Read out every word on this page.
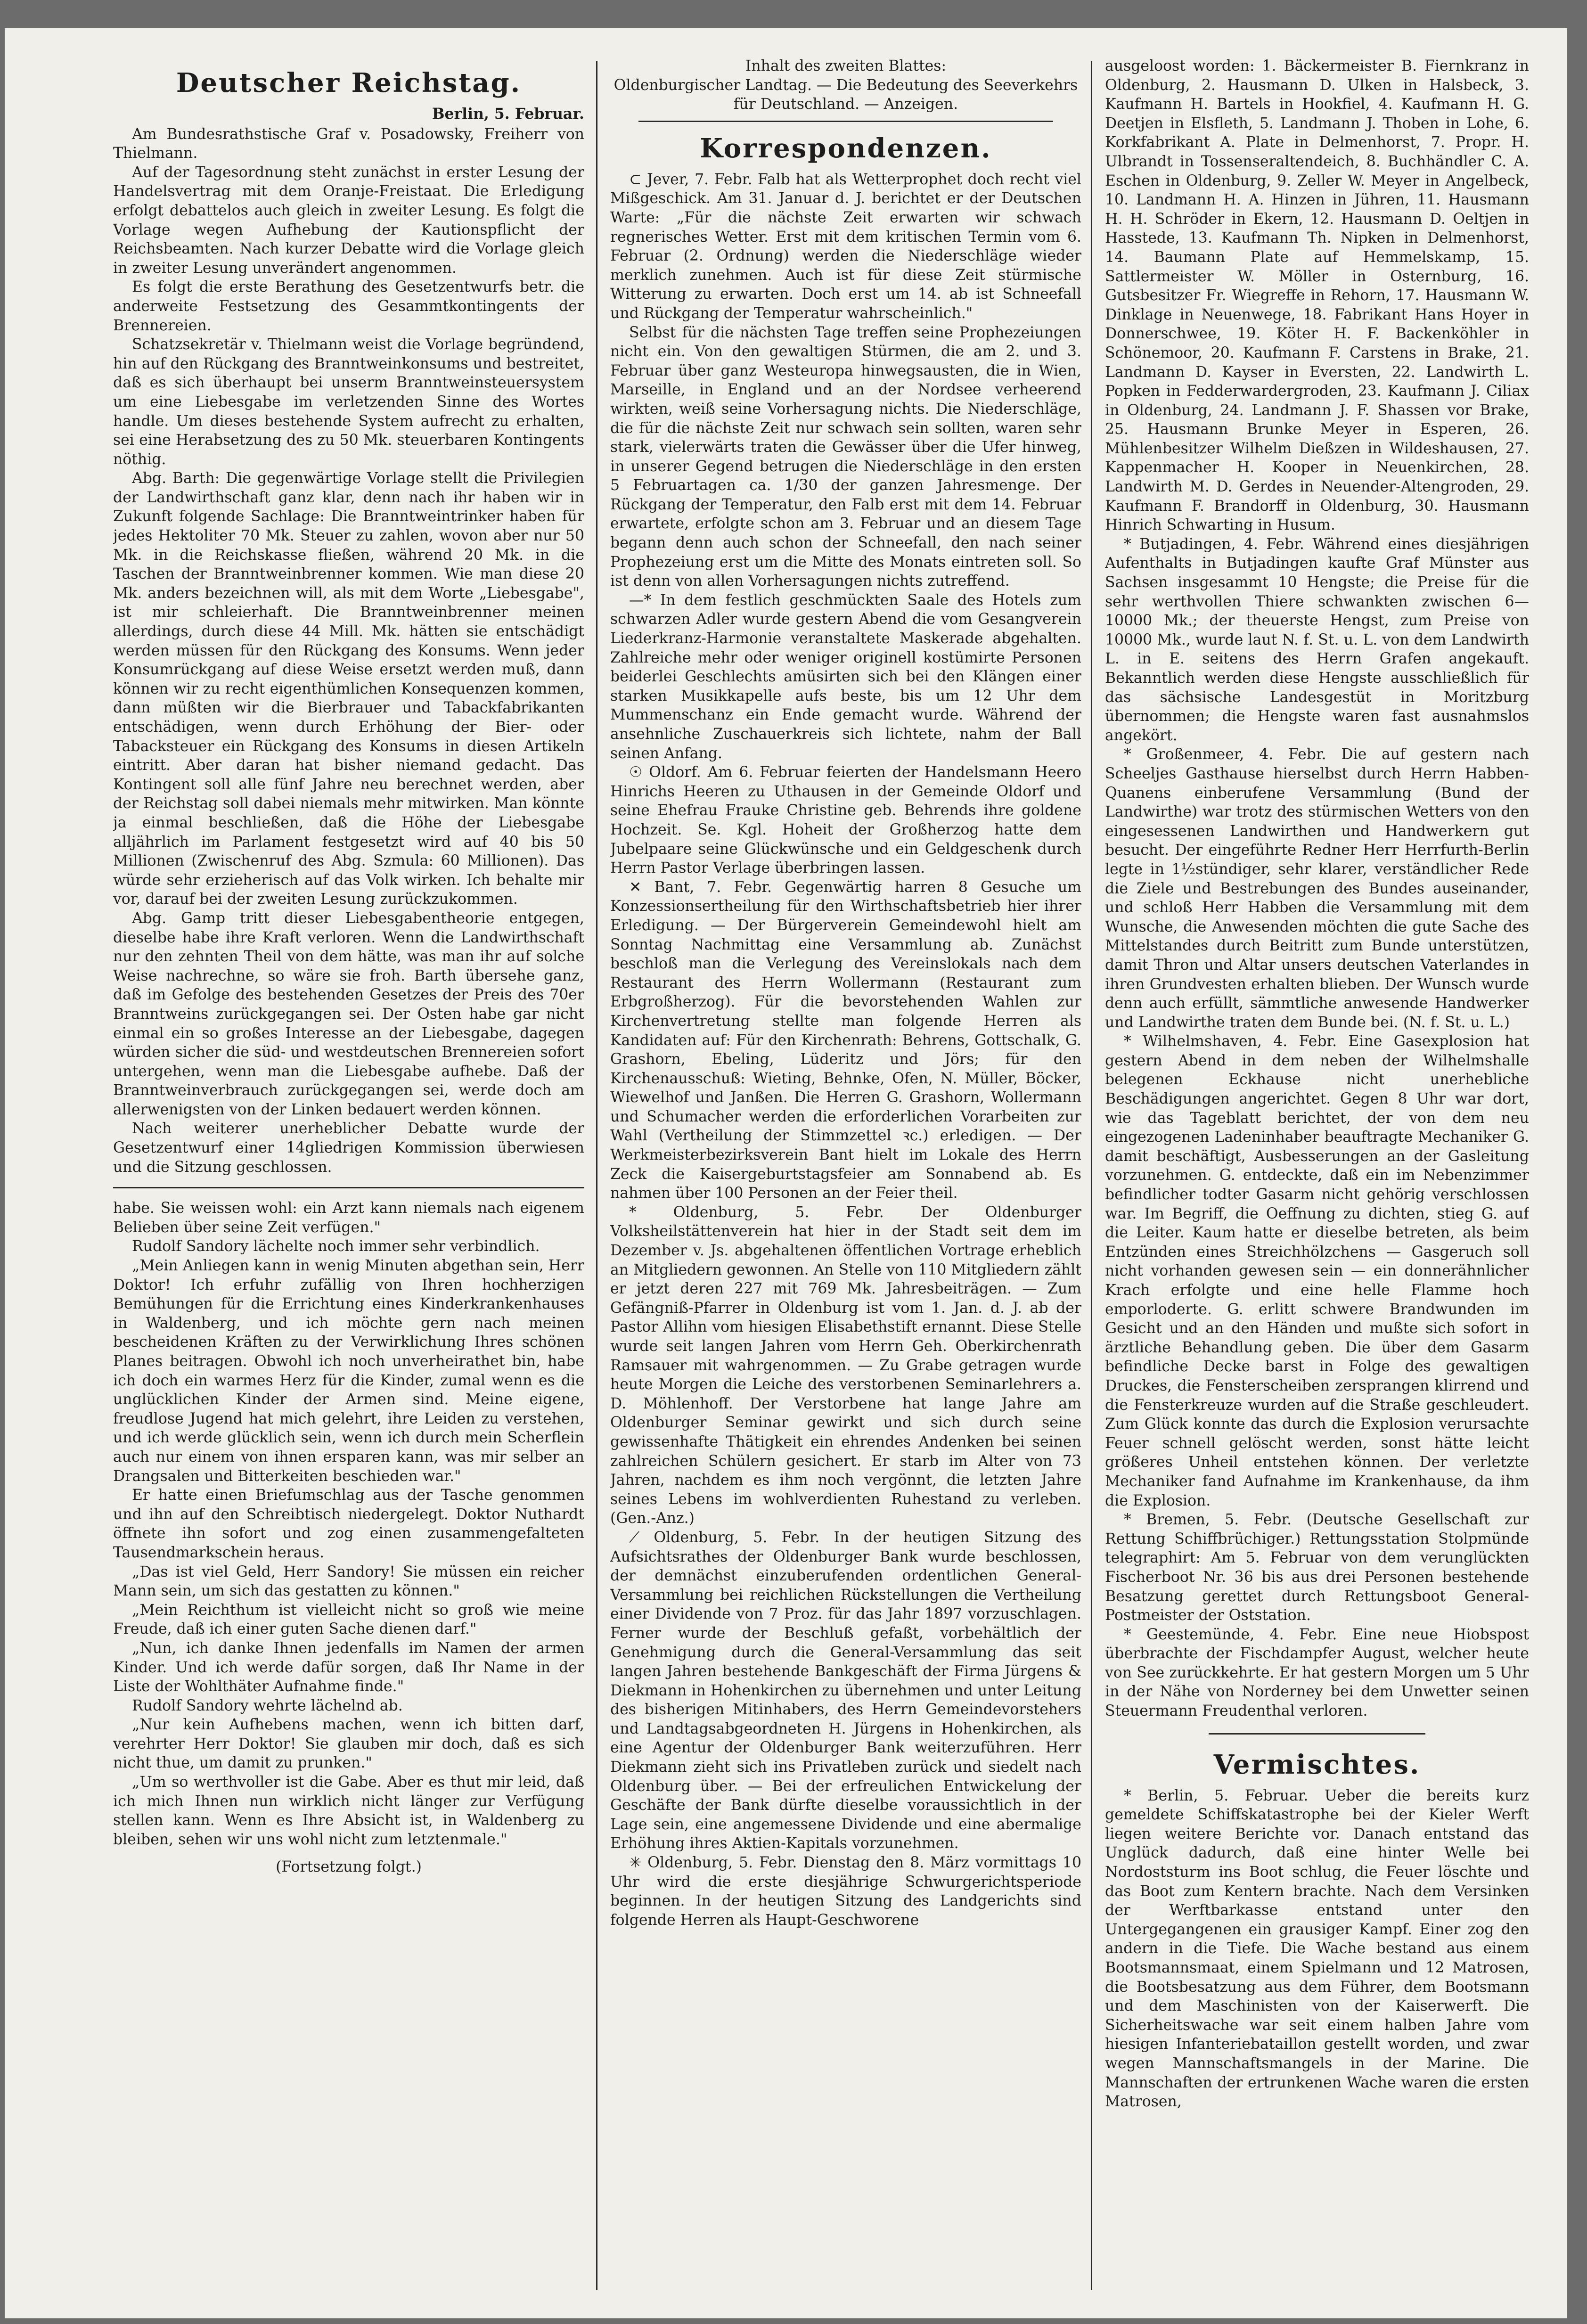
Deutscher Reichstag.
Berlin, 5. Februar.

Am Bundesrathstische Graf v. Posadowsky, Freiherr von Thielmann.

Auf der Tagesordnung steht zunächst in erster Lesung der Handelsvertrag mit dem Oranje-Freistaat. Die Erledigung erfolgt debattelos auch gleich in zweiter Lesung. Es folgt die Vorlage wegen Aufhebung der Kautionspflicht der Reichsbeamten. Nach kurzer Debatte wird die Vorlage gleich in zweiter Lesung unverändert angenommen.

Es folgt die erste Berathung des Gesetzentwurfs betr. die anderweite Festsetzung des Gesammtkontingents der Brennereien.

Schatzsekretär v. Thielmann weist die Vorlage begründend, hin auf den Rückgang des Branntweinkonsums und bestreitet, daß es sich überhaupt bei unserm Branntweinsteuersystem um eine Liebesgabe im verletzenden Sinne des Wortes handle. Um dieses bestehende System aufrecht zu erhalten, sei eine Herabsetzung des zu 50 Mk. steuerbaren Kontingents nöthig.

Abg. Barth: Die gegenwärtige Vorlage stellt die Privilegien der Landwirthschaft ganz klar, denn nach ihr haben wir in Zukunft folgende Sachlage: Die Branntweintrinker haben für jedes Hektoliter 70 Mk. Steuer zu zahlen, wovon aber nur 50 Mk. in die Reichskasse fließen, während 20 Mk. in die Taschen der Branntweinbrenner kommen. Wie man diese 20 Mk. anders bezeichnen will, als mit dem Worte „Liebesgabe", ist mir schleierhaft. Die Branntweinbrenner meinen allerdings, durch diese 44 Mill. Mk. hätten sie entschädigt werden müssen für den Rückgang des Konsums. Wenn jeder Konsumrückgang auf diese Weise ersetzt werden muß, dann können wir zu recht eigenthümlichen Konsequenzen kommen, dann müßten wir die Bierbrauer und Tabackfabrikanten entschädigen, wenn durch Erhöhung der Bier- oder Tabacksteuer ein Rückgang des Konsums in diesen Artikeln eintritt. Aber daran hat bisher niemand gedacht. Das Kontingent soll alle fünf Jahre neu berechnet werden, aber der Reichstag soll dabei niemals mehr mitwirken. Man könnte ja einmal beschließen, daß die Höhe der Liebesgabe alljährlich im Parlament festgesetzt wird auf 40 bis 50 Millionen (Zwischenruf des Abg. Szmula: 60 Millionen). Das würde sehr erzieherisch auf das Volk wirken. Ich behalte mir vor, darauf bei der zweiten Lesung zurückzukommen.

Abg. Gamp tritt dieser Liebesgabentheorie entgegen, dieselbe habe ihre Kraft verloren. Wenn die Landwirthschaft nur den zehnten Theil von dem hätte, was man ihr auf solche Weise nachrechne, so wäre sie froh. Barth übersehe ganz, daß im Gefolge des bestehenden Gesetzes der Preis des 70er Branntweins zurückgegangen sei. Der Osten habe gar nicht einmal ein so großes Interesse an der Liebesgabe, dagegen würden sicher die süd- und westdeutschen Brennereien sofort untergehen, wenn man die Liebesgabe aufhebe. Daß der Branntweinverbrauch zurückgegangen sei, werde doch am allerwenigsten von der Linken bedauert werden können.

Nach weiterer unerheblicher Debatte wurde der Gesetzentwurf einer 14gliedrigen Kommission überwiesen und die Sitzung geschlossen.

habe. Sie weissen wohl: ein Arzt kann niemals nach eigenem Belieben über seine Zeit verfügen."

Rudolf Sandory lächelte noch immer sehr verbindlich.

„Mein Anliegen kann in wenig Minuten abgethan sein, Herr Doktor! Ich erfuhr zufällig von Ihren hochherzigen Bemühungen für die Errichtung eines Kinderkrankenhauses in Waldenberg, und ich möchte gern nach meinen bescheidenen Kräften zu der Verwirklichung Ihres schönen Planes beitragen. Obwohl ich noch unverheirathet bin, habe ich doch ein warmes Herz für die Kinder, zumal wenn es die unglücklichen Kinder der Armen sind. Meine eigene, freudlose Jugend hat mich gelehrt, ihre Leiden zu verstehen, und ich werde glücklich sein, wenn ich durch mein Scherflein auch nur einem von ihnen ersparen kann, was mir selber an Drangsalen und Bitterkeiten beschieden war."

Er hatte einen Briefumschlag aus der Tasche genommen und ihn auf den Schreibtisch niedergelegt. Doktor Nuthardt öffnete ihn sofort und zog einen zusammengefalteten Tausendmarkschein heraus.

„Das ist viel Geld, Herr Sandory! Sie müssen ein reicher Mann sein, um sich das gestatten zu können."

„Mein Reichthum ist vielleicht nicht so groß wie meine Freude, daß ich einer guten Sache dienen darf."

„Nun, ich danke Ihnen jedenfalls im Namen der armen Kinder. Und ich werde dafür sorgen, daß Ihr Name in der Liste der Wohlthäter Aufnahme finde."

Rudolf Sandory wehrte lächelnd ab.

„Nur kein Aufhebens machen, wenn ich bitten darf, verehrter Herr Doktor! Sie glauben mir doch, daß es sich nicht thue, um damit zu prunken."

„Um so werthvoller ist die Gabe. Aber es thut mir leid, daß ich mich Ihnen nun wirklich nicht länger zur Verfügung stellen kann. Wenn es Ihre Absicht ist, in Waldenberg zu bleiben, sehen wir uns wohl nicht zum letztenmale."

(Fortsetzung folgt.)
Inhalt des zweiten Blattes:
Oldenburgischer Landtag. — Die Bedeutung des Seeverkehrs für Deutschland. — Anzeigen.
Korrespondenzen.

⊂ Jever, 7. Febr. Falb hat als Wetterprophet doch recht viel Mißgeschick. Am 31. Januar d. J. berichtet er der Deutschen Warte: „Für die nächste Zeit erwarten wir schwach regnerisches Wetter. Erst mit dem kritischen Termin vom 6. Februar (2. Ordnung) werden die Niederschläge wieder merklich zunehmen. Auch ist für diese Zeit stürmische Witterung zu erwarten. Doch erst um 14. ab ist Schneefall und Rückgang der Temperatur wahrscheinlich."

Selbst für die nächsten Tage treffen seine Prophezeiungen nicht ein. Von den gewaltigen Stürmen, die am 2. und 3. Februar über ganz Westeuropa hinwegsausten, die in Wien, Marseille, in England und an der Nordsee verheerend wirkten, weiß seine Vorhersagung nichts. Die Niederschläge, die für die nächste Zeit nur schwach sein sollten, waren sehr stark, vielerwärts traten die Gewässer über die Ufer hinweg, in unserer Gegend betrugen die Niederschläge in den ersten 5 Februartagen ca. 1/30 der ganzen Jahresmenge. Der Rückgang der Temperatur, den Falb erst mit dem 14. Februar erwartete, erfolgte schon am 3. Februar und an diesem Tage begann denn auch schon der Schneefall, den nach seiner Prophezeiung erst um die Mitte des Monats eintreten soll. So ist denn von allen Vorhersagungen nichts zutreffend.

—* In dem festlich geschmückten Saale des Hotels zum schwarzen Adler wurde gestern Abend die vom Gesangverein Liederkranz-Harmonie veranstaltete Maskerade abgehalten. Zahlreiche mehr oder weniger originell kostümirte Personen beiderlei Geschlechts amüsirten sich bei den Klängen einer starken Musikkapelle aufs beste, bis um 12 Uhr dem Mummenschanz ein Ende gemacht wurde. Während der ansehnliche Zuschauerkreis sich lichtete, nahm der Ball seinen Anfang.

☉ Oldorf. Am 6. Februar feierten der Handelsmann Heero Hinrichs Heeren zu Uthausen in der Gemeinde Oldorf und seine Ehefrau Frauke Christine geb. Behrends ihre goldene Hochzeit. Se. Kgl. Hoheit der Großherzog hatte dem Jubelpaare seine Glückwünsche und ein Geldgeschenk durch Herrn Pastor Verlage überbringen lassen.

✕ Bant, 7. Febr. Gegenwärtig harren 8 Gesuche um Konzessionsertheilung für den Wirthschaftsbetrieb hier ihrer Erledigung. — Der Bürgerverein Gemeindewohl hielt am Sonntag Nachmittag eine Versammlung ab. Zunächst beschloß man die Verlegung des Vereinslokals nach dem Restaurant des Herrn Wollermann (Restaurant zum Erbgroßherzog). Für die bevorstehenden Wahlen zur Kirchenvertretung stellte man folgende Herren als Kandidaten auf: Für den Kirchenrath: Behrens, Gottschalk, G. Grashorn, Ebeling, Lüderitz und Jörs; für den Kirchenausschuß: Wieting, Behnke, Ofen, N. Müller, Böcker, Wiewelhof und Janßen. Die Herren G. Grashorn, Wollermann und Schumacher werden die erforderlichen Vorarbeiten zur Wahl (Vertheilung der Stimmzettel ꝛc.) erledigen. — Der Werkmeisterbezirksverein Bant hielt im Lokale des Herrn Zeck die Kaisergeburtstagsfeier am Sonnabend ab. Es nahmen über 100 Personen an der Feier theil.

* Oldenburg, 5. Febr. Der Oldenburger Volksheilstättenverein hat hier in der Stadt seit dem im Dezember v. Js. abgehaltenen öffentlichen Vortrage erheblich an Mitgliedern gewonnen. An Stelle von 110 Mitgliedern zählt er jetzt deren 227 mit 769 Mk. Jahresbeiträgen. — Zum Gefängniß-Pfarrer in Oldenburg ist vom 1. Jan. d. J. ab der Pastor Allihn vom hiesigen Elisabethstift ernannt. Diese Stelle wurde seit langen Jahren vom Herrn Geh. Oberkirchenrath Ramsauer mit wahrgenommen. — Zu Grabe getragen wurde heute Morgen die Leiche des verstorbenen Seminarlehrers a. D. Möhlenhoff. Der Verstorbene hat lange Jahre am Oldenburger Seminar gewirkt und sich durch seine gewissenhafte Thätigkeit ein ehrendes Andenken bei seinen zahlreichen Schülern gesichert. Er starb im Alter von 73 Jahren, nachdem es ihm noch vergönnt, die letzten Jahre seines Lebens im wohlverdienten Ruhestand zu verleben. (Gen.-Anz.)

⟋ Oldenburg, 5. Febr. In der heutigen Sitzung des Aufsichtsrathes der Oldenburger Bank wurde beschlossen, der demnächst einzuberufenden ordentlichen General-Versammlung bei reichlichen Rückstellungen die Vertheilung einer Dividende von 7 Proz. für das Jahr 1897 vorzuschlagen. Ferner wurde der Beschluß gefaßt, vorbehältlich der Genehmigung durch die General-Versammlung das seit langen Jahren bestehende Bankgeschäft der Firma Jürgens & Diekmann in Hohenkirchen zu übernehmen und unter Leitung des bisherigen Mitinhabers, des Herrn Gemeindevorstehers und Landtagsabgeordneten H. Jürgens in Hohenkirchen, als eine Agentur der Oldenburger Bank weiterzuführen. Herr Diekmann zieht sich ins Privatleben zurück und siedelt nach Oldenburg über. — Bei der erfreulichen Entwickelung der Geschäfte der Bank dürfte dieselbe voraussichtlich in der Lage sein, eine angemessene Dividende und eine abermalige Erhöhung ihres Aktien-Kapitals vorzunehmen.

✳ Oldenburg, 5. Febr. Dienstag den 8. März vormittags 10 Uhr wird die erste diesjährige Schwurgerichtsperiode beginnen. In der heutigen Sitzung des Landgerichts sind folgende Herren als Haupt-Geschworene

ausgeloost worden: 1. Bäckermeister B. Fiernkranz in Oldenburg, 2. Hausmann D. Ulken in Halsbeck, 3. Kaufmann H. Bartels in Hookfiel, 4. Kaufmann H. G. Deetjen in Elsfleth, 5. Landmann J. Thoben in Lohe, 6. Korkfabrikant A. Plate in Delmenhorst, 7. Propr. H. Ulbrandt in Tossenseraltendeich, 8. Buchhändler C. A. Eschen in Oldenburg, 9. Zeller W. Meyer in Angelbeck, 10. Landmann H. A. Hinzen in Jühren, 11. Hausmann H. H. Schröder in Ekern, 12. Hausmann D. Oeltjen in Hasstede, 13. Kaufmann Th. Nipken in Delmenhorst, 14. Baumann Plate auf Hemmelskamp, 15. Sattlermeister W. Möller in Osternburg, 16. Gutsbesitzer Fr. Wiegreffe in Rehorn, 17. Hausmann W. Dinklage in Neuenwege, 18. Fabrikant Hans Hoyer in Donnerschwee, 19. Köter H. F. Backenköhler in Schönemoor, 20. Kaufmann F. Carstens in Brake, 21. Landmann D. Kayser in Eversten, 22. Landwirth L. Popken in Fedderwardergroden, 23. Kaufmann J. Ciliax in Oldenburg, 24. Landmann J. F. Shassen vor Brake, 25. Hausmann Brunke Meyer in Esperen, 26. Mühlenbesitzer Wilhelm Dießzen in Wildeshausen, 27. Kappenmacher H. Kooper in Neuenkirchen, 28. Landwirth M. D. Gerdes in Neuender-Altengroden, 29. Kaufmann F. Brandorff in Oldenburg, 30. Hausmann Hinrich Schwarting in Husum.

* Butjadingen, 4. Febr. Während eines diesjährigen Aufenthalts in Butjadingen kaufte Graf Münster aus Sachsen insgesammt 10 Hengste; die Preise für die sehr werthvollen Thiere schwankten zwischen 6—10000 Mk.; der theuerste Hengst, zum Preise von 10000 Mk., wurde laut N. f. St. u. L. von dem Landwirth L. in E. seitens des Herrn Grafen angekauft. Bekanntlich werden diese Hengste ausschließlich für das sächsische Landesgestüt in Moritzburg übernommen; die Hengste waren fast ausnahmslos angekört.

* Großenmeer, 4. Febr. Die auf gestern nach Scheeljes Gasthause hierselbst durch Herrn Habben-Quanens einberufene Versammlung (Bund der Landwirthe) war trotz des stürmischen Wetters von den eingesessenen Landwirthen und Handwerkern gut besucht. Der eingeführte Redner Herr Herrfurth-Berlin legte in 1½stündiger, sehr klarer, verständlicher Rede die Ziele und Bestrebungen des Bundes auseinander, und schloß Herr Habben die Versammlung mit dem Wunsche, die Anwesenden möchten die gute Sache des Mittelstandes durch Beitritt zum Bunde unterstützen, damit Thron und Altar unsers deutschen Vaterlandes in ihren Grundvesten erhalten blieben. Der Wunsch wurde denn auch erfüllt, sämmtliche anwesende Handwerker und Landwirthe traten dem Bunde bei. (N. f. St. u. L.)

* Wilhelmshaven, 4. Febr. Eine Gasexplosion hat gestern Abend in dem neben der Wilhelmshalle belegenen Eckhause nicht unerhebliche Beschädigungen angerichtet. Gegen 8 Uhr war dort, wie das Tageblatt berichtet, der von dem neu eingezogenen Ladeninhaber beauftragte Mechaniker G. damit beschäftigt, Ausbesserungen an der Gasleitung vorzunehmen. G. entdeckte, daß ein im Nebenzimmer befindlicher todter Gasarm nicht gehörig verschlossen war. Im Begriff, die Oeffnung zu dichten, stieg G. auf die Leiter. Kaum hatte er dieselbe betreten, als beim Entzünden eines Streichhölzchens — Gasgeruch soll nicht vorhanden gewesen sein — ein donnerähnlicher Krach erfolgte und eine helle Flamme hoch emporloderte. G. erlitt schwere Brandwunden im Gesicht und an den Händen und mußte sich sofort in ärztliche Behandlung geben. Die über dem Gasarm befindliche Decke barst in Folge des gewaltigen Druckes, die Fensterscheiben zersprangen klirrend und die Fensterkreuze wurden auf die Straße geschleudert. Zum Glück konnte das durch die Explosion verursachte Feuer schnell gelöscht werden, sonst hätte leicht größeres Unheil entstehen können. Der verletzte Mechaniker fand Aufnahme im Krankenhause, da ihm die Explosion.

* Bremen, 5. Febr. (Deutsche Gesellschaft zur Rettung Schiffbrüchiger.) Rettungsstation Stolpmünde telegraphirt: Am 5. Februar von dem verunglückten Fischerboot Nr. 36 bis aus drei Personen bestehende Besatzung gerettet durch Rettungsboot General-Postmeister der Oststation.

* Geestemünde, 4. Febr. Eine neue Hiobspost überbrachte der Fischdampfer August, welcher heute von See zurückkehrte. Er hat gestern Morgen um 5 Uhr in der Nähe von Norderney bei dem Unwetter seinen Steuermann Freudenthal verloren.

Vermischtes.

* Berlin, 5. Februar. Ueber die bereits kurz gemeldete Schiffskatastrophe bei der Kieler Werft liegen weitere Berichte vor. Danach entstand das Unglück dadurch, daß eine hinter Welle bei Nordoststurm ins Boot schlug, die Feuer löschte und das Boot zum Kentern brachte. Nach dem Versinken der Werftbarkasse entstand unter den Untergegangenen ein grausiger Kampf. Einer zog den andern in die Tiefe. Die Wache bestand aus einem Bootsmannsmaat, einem Spielmann und 12 Matrosen, die Bootsbesatzung aus dem Führer, dem Bootsmann und dem Maschinisten von der Kaiserwerft. Die Sicherheitswache war seit einem halben Jahre vom hiesigen Infanteriebataillon gestellt worden, und zwar wegen Mannschaftsmangels in der Marine. Die Mannschaften der ertrunkenen Wache waren die ersten Matrosen,
